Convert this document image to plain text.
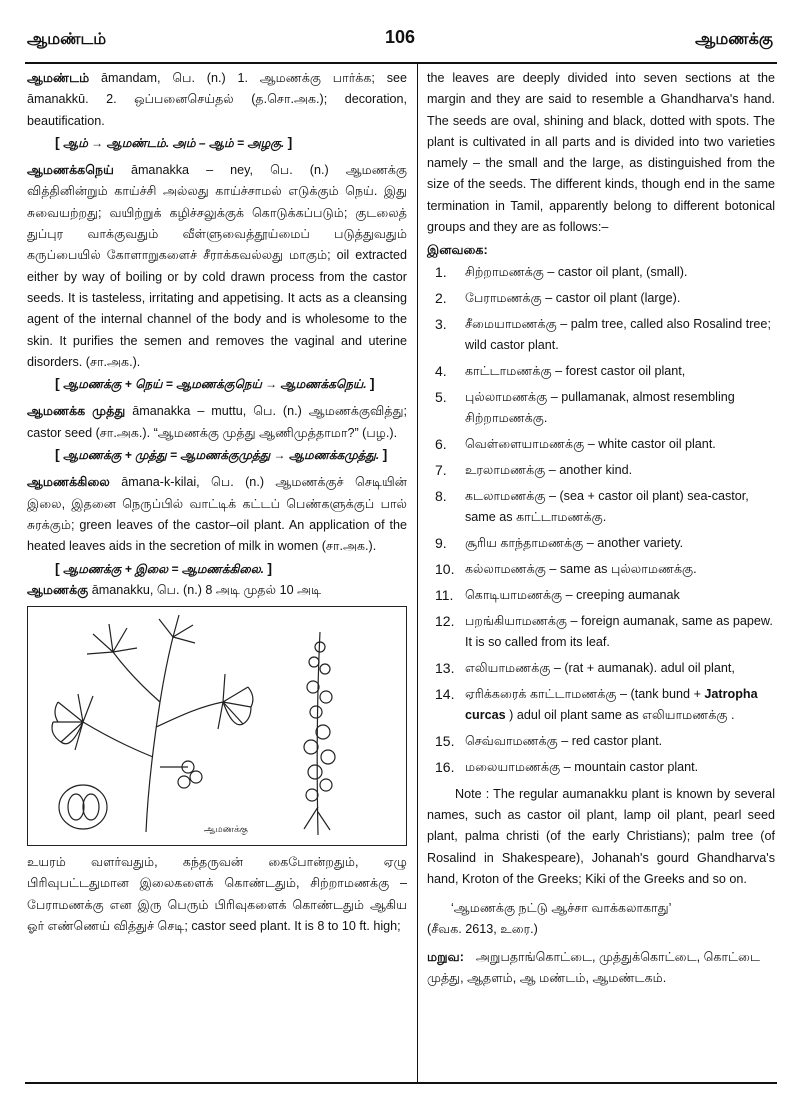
ஆமண்டம்	106	ஆமணக்கு

ஆமண்டம் āmandam, பெ. (n.) 1. ஆமணக்கு பார்க்க; see āmanakkū. 2. ஒப்பனைசெய்தல் (த.சொ.அக.); decoration, beautification.

[ ஆம் → ஆமண்டம். அம் – ஆம் = அழகு. ]

ஆமணக்கநெய் āmanakka – ney, பெ. (n.) ஆமணக்கு வித்தினின்றும் காய்ச்சி அல்லது காய்ச்சாமல் எடுக்கும் நெய். இது சுவையற்றது; வயிற்றுக் கழிச்சலுக்குக் கொடுக்கப்படும்; குடலைத் துப்புர வாக்குவதும் வீள்ளுவைத்தூய்மைப் படுத்துவதும் கருப்பையில் கோளாறுகளைச் சீராக்கவல்லது மாகும்; oil extracted either by way of boiling or by cold drawn process from the castor seeds. It is tasteless, irritating and appetising. It acts as a cleansing agent of the internal channel of the body and is wholesome to the skin. It purifies the semen and removes the vaginal and uterine disorders. (சா.அக.).

[ ஆமணக்கு + நெய் = ஆமணக்குநெய் → ஆமணக்கநெய். ]

ஆமணக்க முத்து āmanakka – muttu, பெ. (n.) ஆமணக்குவித்து; castor seed (சா.அக.). “ஆமணக்கு முத்து ஆணிமுத்தாமா?” (பழ.).

[ ஆமணக்கு + முத்து = ஆமணக்குமுத்து → ஆமணக்கமுத்து. ]

ஆமணக்கிலை āmana-k-kilai, பெ. (n.) ஆமணக்குச் செடியின் இலை, இதனை நெருப்பில் வாட்டிக் கட்டப் பெண்களுக்குப் பால் சுரக்கும்; green leaves of the castor–oil plant. An application of the heated leaves aids in the secretion of milk in women (சா.அக.).

[ ஆமணக்கு + இலை = ஆமணக்கிலை. ]

ஆமணக்கு āmanakku, பெ. (n.) 8 அடி முதல் 10 அடி

ஆமணக்கு

உயரம் வளர்வதும், கந்தருவன் கைபோன்றதும், ஏழு பிரிவுபட்டதுமான இலைகளைக் கொண்டதும், சிற்றாமணக்கு – பேராமணக்கு என இரு பெரும் பிரிவுகளைக் கொண்டதும் ஆகிய ஓர் எண்ணெய் வித்துச் செடி; castor seed plant. It is 8 to 10 ft. high;

the leaves are deeply divided into seven sections at the margin and they are said to resemble a Ghandharva's hand. The seeds are oval, shining and black, dotted with spots. The plant is cultivated in all parts and is divided into two varieties namely – the small and the large, as distinguished from the size of the seeds. The different kinds, though end in the same termination in Tamil, apparently belong to different botonical groups and they are as follows:–

இனவகை:

1.	சிற்றாமணக்கு – castor oil plant, (small).
2.	பேராமணக்கு – castor oil plant (large).
3.	சீமையாமணக்கு – palm tree, called also Rosalind tree; wild castor plant.
4.	காட்டாமணக்கு – forest castor oil plant,
5.	புல்லாமணக்கு – pullamanak, almost resembling சிற்றாமணக்கு.
6.	வெள்ளையாமணக்கு – white castor oil plant.
7.	உரலாமணக்கு – another kind.
8.	கடலாமணக்கு – (sea + castor oil plant) sea-castor, same as காட்டாமணக்கு.
9.	சூரிய காந்தாமணக்கு – another variety.
10. கல்லாமணக்கு – same as புல்லாமணக்கு.
11. கொடியாமணக்கு – creeping aumanak
12. பறங்கியாமணக்கு – foreign aumanak, same as papew. It is so called from its leaf.
13. எலியாமணக்கு – (rat + aumanak). adul oil plant,
14. ஏரிக்கரைக் காட்டாமணக்கு – (tank bund + Jatropha curcas ) adul oil plant same as எலியாமணக்கு .
15. செவ்வாமணக்கு – red castor plant.
16. மலையாமணக்கு – mountain castor plant.

Note : The regular aumanakku plant is known by several names, such as castor oil plant, lamp oil plant, pearl seed plant, palma christi (of the early Christians); palm tree (of Rosalind in Shakespeare), Johanah's gourd Ghandharva's hand, Kroton of the Greeks; Kiki of the Greeks and so on.

‘ஆமணக்கு நட்டு ஆச்சா வாக்கலாகாது’

(சீவக. 2613, உரை.)

மறுவ: அறுபதாங்கொட்டை, முத்துக்கொட்டை, கொட்டை முத்து, ஆதளம், ஆ மண்டம், ஆமண்டகம்.
